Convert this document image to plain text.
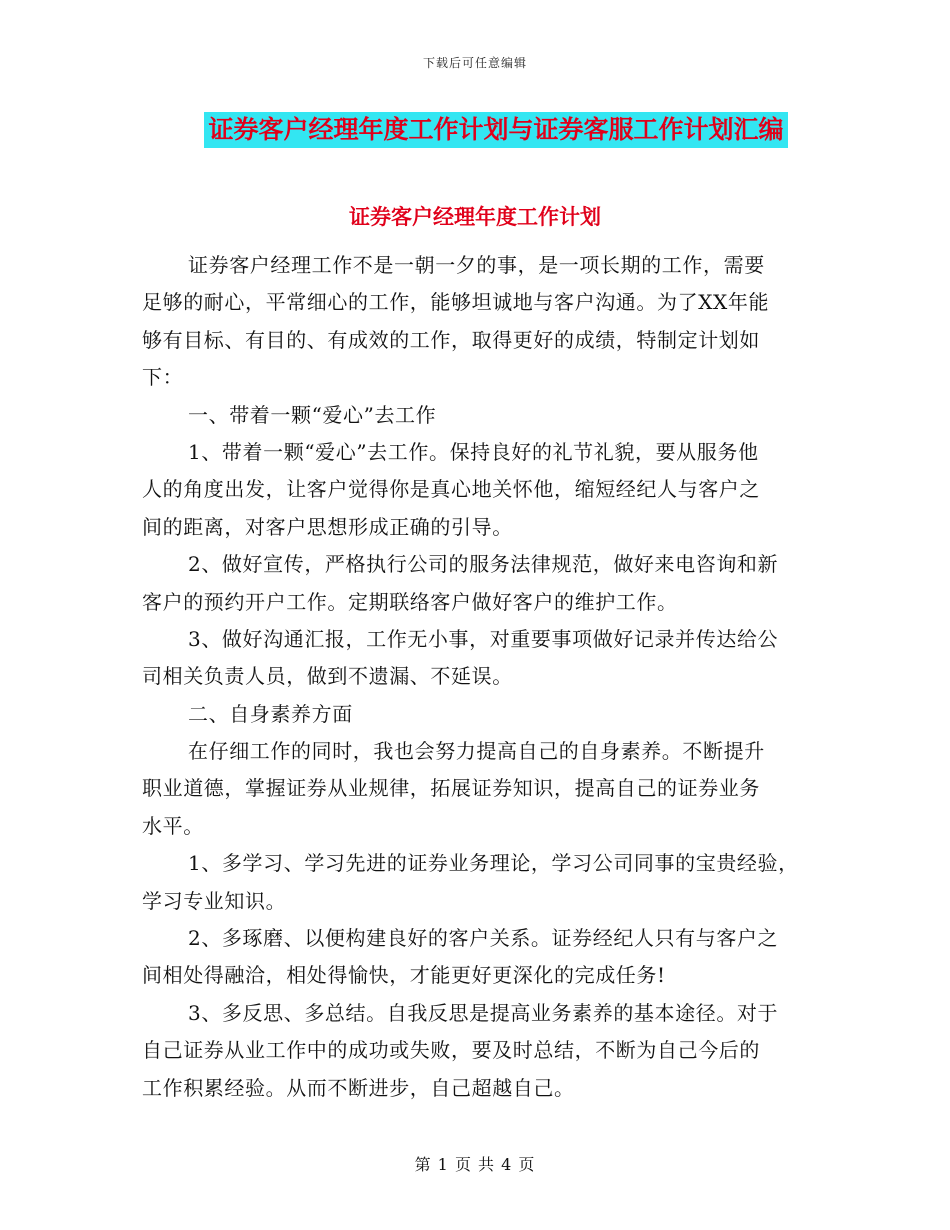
下载后可任意编辑
证券客户经理年度工作计划与证券客服工作计划汇编
证券客户经理年度工作计划
证券客户经理工作不是一朝一夕的事，是一项长期的工作，需要
足够的耐心，平常细心的工作，能够坦诚地与客户沟通。为了XX年能
够有目标、有目的、有成效的工作，取得更好的成绩，特制定计划如
下：
一、带着一颗“爱心”去工作
1、带着一颗“爱心”去工作。保持良好的礼节礼貌，要从服务他
人的角度出发，让客户觉得你是真心地关怀他，缩短经纪人与客户之
间的距离，对客户思想形成正确的引导。
2、做好宣传，严格执行公司的服务法律规范，做好来电咨询和新
客户的预约开户工作。定期联络客户做好客户的维护工作。
3、做好沟通汇报，工作无小事，对重要事项做好记录并传达给公
司相关负责人员，做到不遗漏、不延误。
二、自身素养方面
在仔细工作的同时，我也会努力提高自己的自身素养。不断提升
职业道德，掌握证券从业规律，拓展证券知识，提高自己的证券业务
水平。
1、多学习、学习先进的证券业务理论，学习公司同事的宝贵经验，
学习专业知识。
2、多琢磨、以便构建良好的客户关系。证券经纪人只有与客户之
间相处得融洽，相处得愉快，才能更好更深化的完成任务!
3、多反思、多总结。自我反思是提高业务素养的基本途径。对于
自己证券从业工作中的成功或失败，要及时总结，不断为自己今后的
工作积累经验。从而不断进步，自己超越自己。
第 1 页 共 4 页
